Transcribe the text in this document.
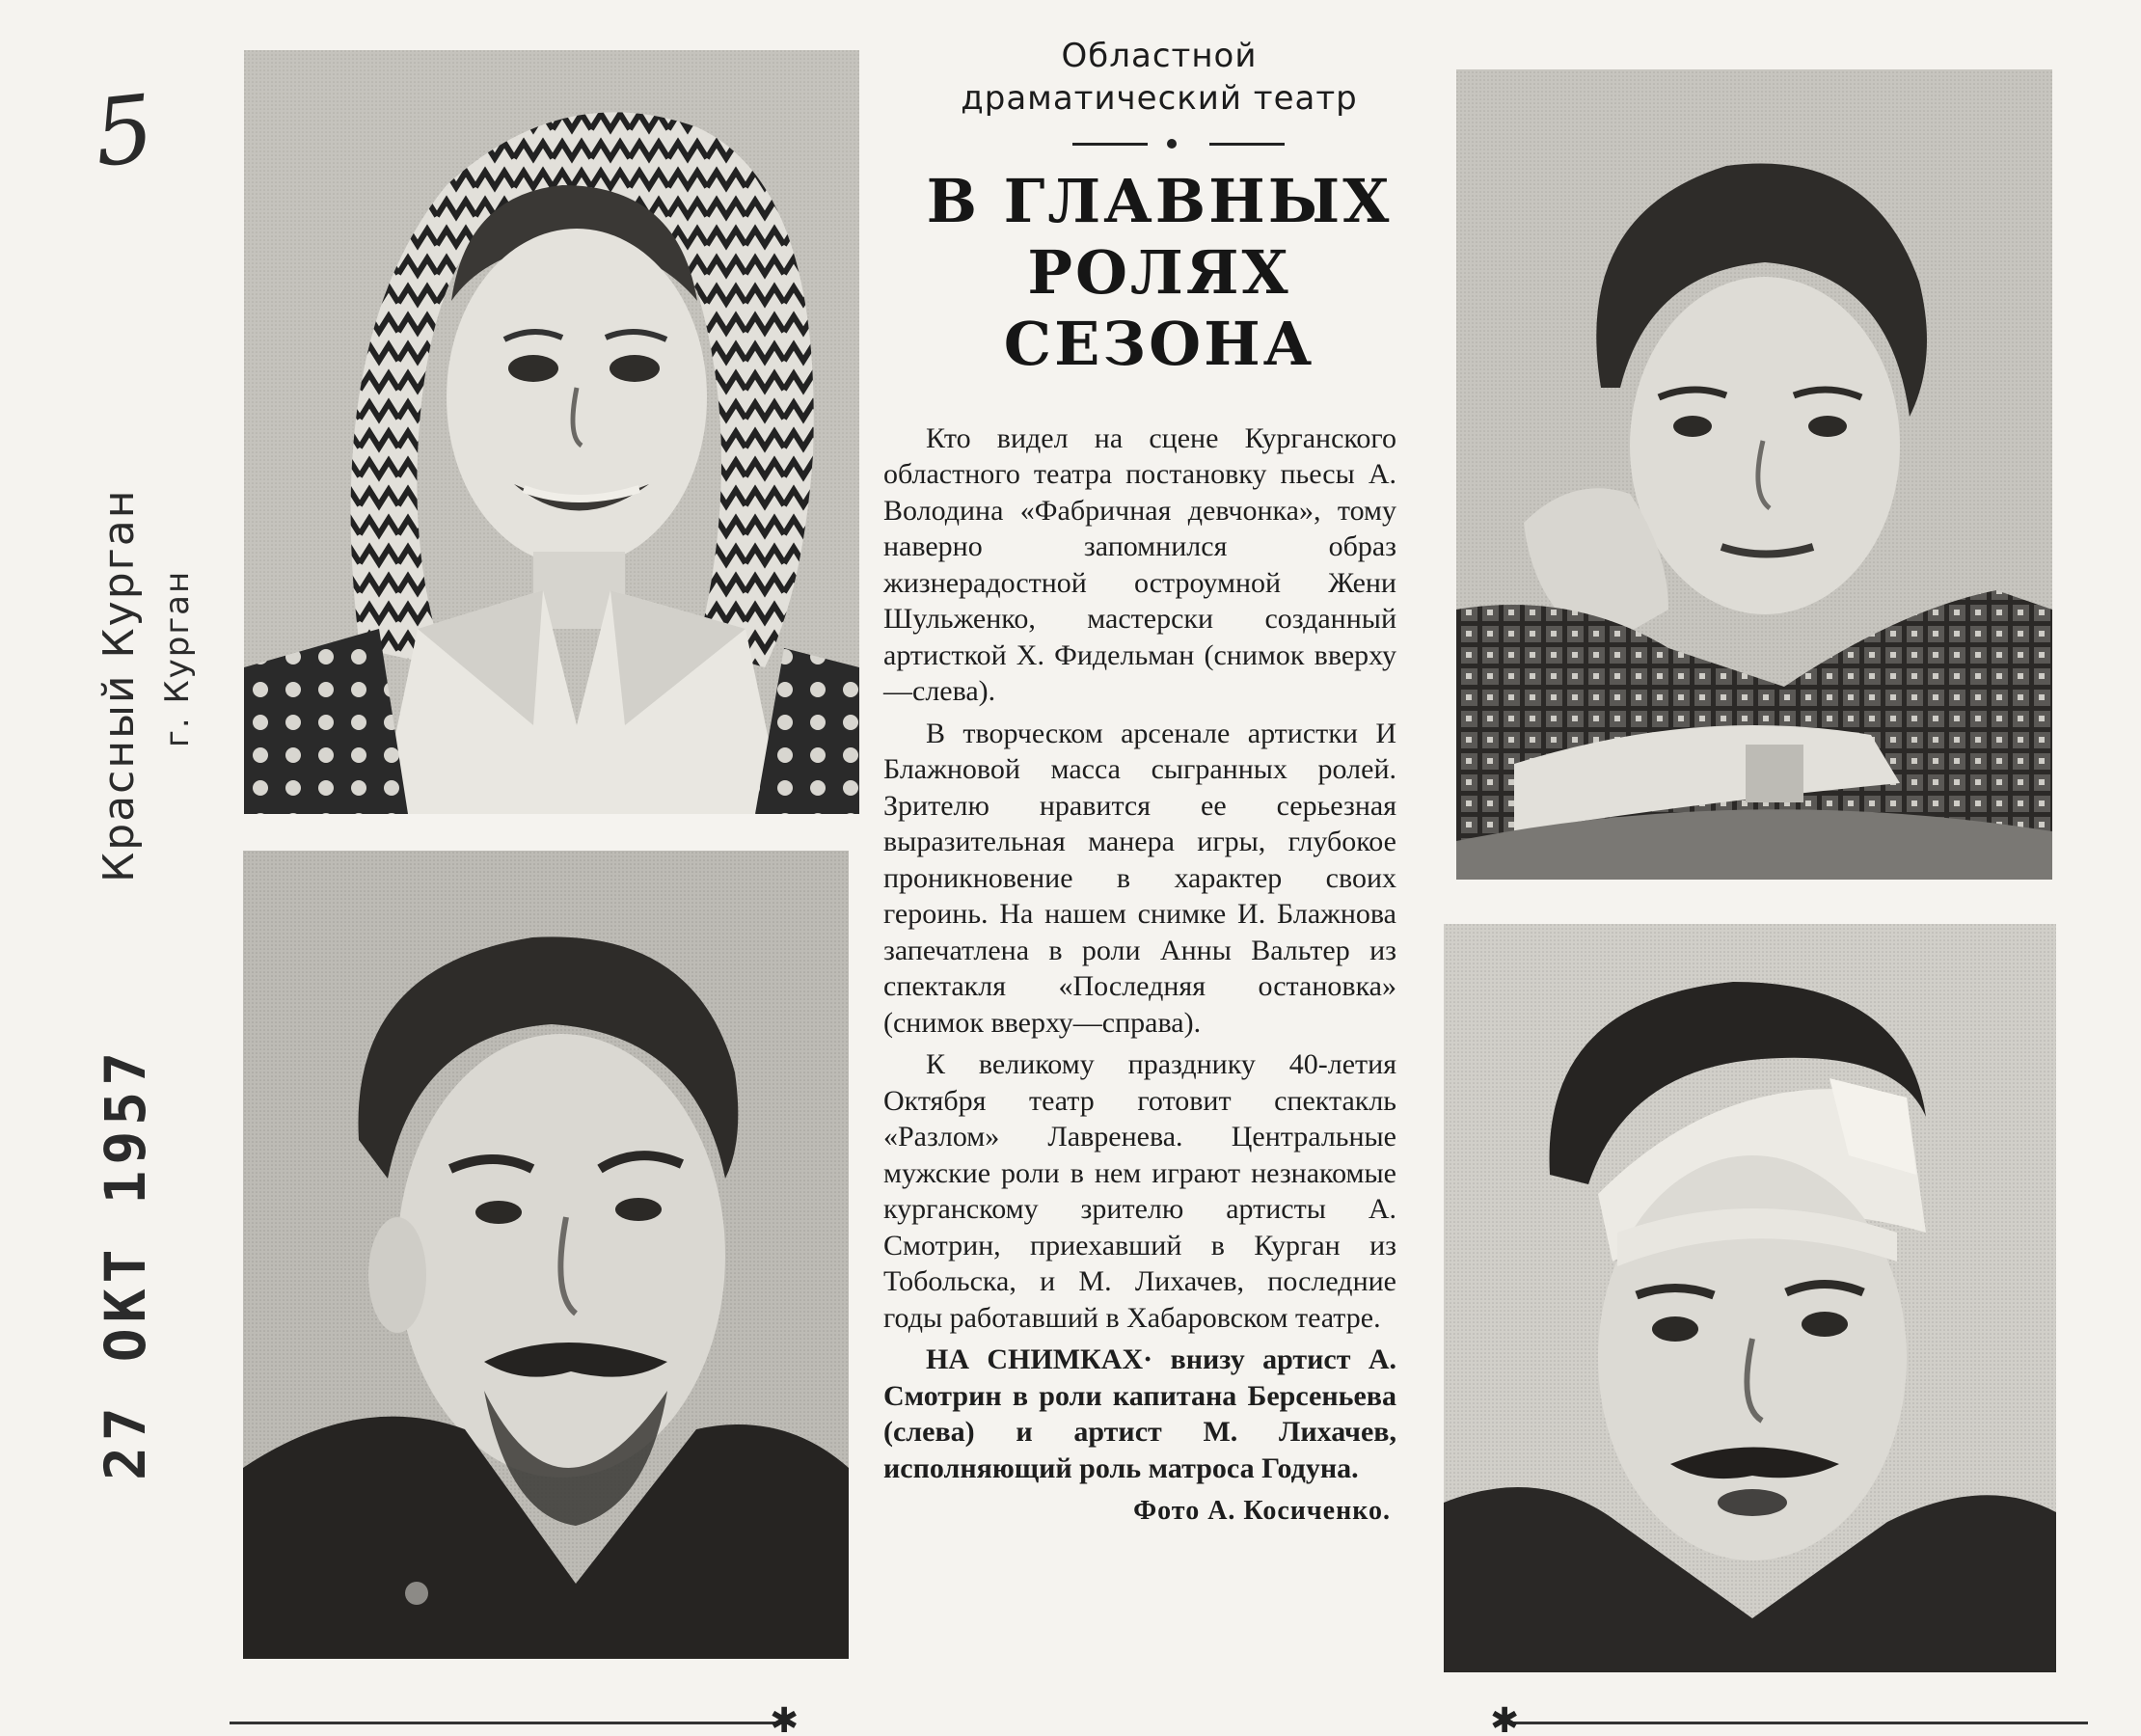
5
Красный Курган г. Курган
27 ОКТ 1957
Областной
драматический театр
В ГЛАВНЫХ
РОЛЯХ
СЕЗОНА

Кто видел на сцене Курганского областного театра постановку пьесы А. Володина «Фабричная девчонка», тому наверно запомнился образ жизнерадостной остроумной Жени Шульженко, мастерски созданный артисткой Х. Фидельман (снимок вверху—слева).

В творческом арсенале артистки И Блажновой масса сыгранных ролей. Зрителю нравится ее серьезная выразительная манера игры, глубокое проникновение в характер своих героинь. На нашем снимке И. Блажнова запечатлена в роли Анны Вальтер из спектакля «Последняя остановка» (снимок вверху—справа).

К великому празднику 40-летия Октября театр готовит спектакль «Разлом» Лавренева. Центральные мужские роли в нем играют незнакомые курганскому зрителю артисты А. Смотрин, приехавший в Курган из Тобольска, и М. Лихачев, последние годы работавший в Хабаровском театре.

НА СНИМКАХ· внизу артист А. Смотрин в роли капитана Берсеньева (слева) и артист М. Лихачев, исполняющий роль матроса Годуна.

Фото А. Косиченко.
✱	✱
